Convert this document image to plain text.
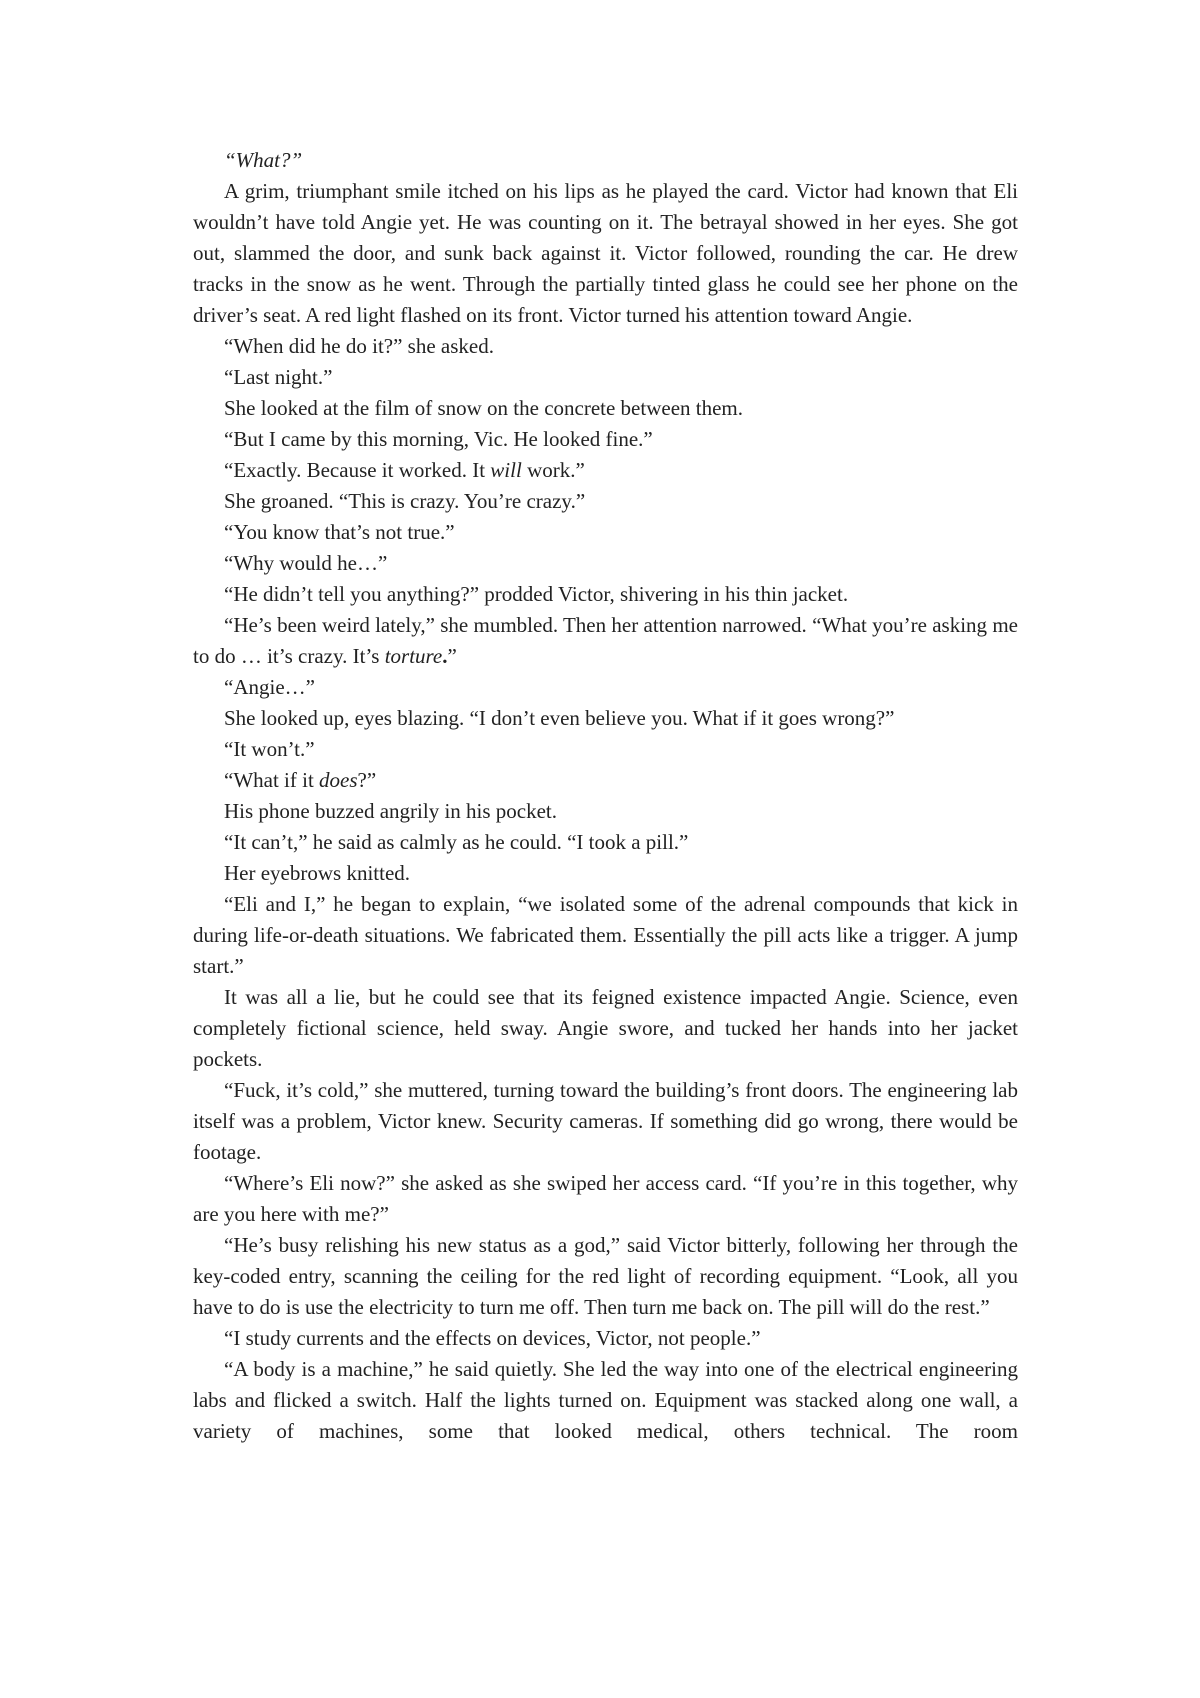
“What?”

A grim, triumphant smile itched on his lips as he played the card. Victor had known that Eli wouldn’t have told Angie yet. He was counting on it. The betrayal showed in her eyes. She got out, slammed the door, and sunk back against it. Victor followed, rounding the car. He drew tracks in the snow as he went. Through the partially tinted glass he could see her phone on the driver’s seat. A red light flashed on its front. Victor turned his attention toward Angie.

“When did he do it?” she asked.

“Last night.”

She looked at the film of snow on the concrete between them.

“But I came by this morning, Vic. He looked fine.”

“Exactly. Because it worked. It will work.”

She groaned. “This is crazy. You’re crazy.”

“You know that’s not true.”

“Why would he…”

“He didn’t tell you anything?” prodded Victor, shivering in his thin jacket.

“He’s been weird lately,” she mumbled. Then her attention narrowed. “What you’re asking me to do … it’s crazy. It’s torture.”

“Angie…”

She looked up, eyes blazing. “I don’t even believe you. What if it goes wrong?”

“It won’t.”

“What if it does?”

His phone buzzed angrily in his pocket.

“It can’t,” he said as calmly as he could. “I took a pill.”

Her eyebrows knitted.

“Eli and I,” he began to explain, “we isolated some of the adrenal compounds that kick in during life-or-death situations. We fabricated them. Essentially the pill acts like a trigger. A jump start.”

It was all a lie, but he could see that its feigned existence impacted Angie. Science, even completely fictional science, held sway. Angie swore, and tucked her hands into her jacket pockets.

“Fuck, it’s cold,” she muttered, turning toward the building’s front doors. The engineering lab itself was a problem, Victor knew. Security cameras. If something did go wrong, there would be footage.

“Where’s Eli now?” she asked as she swiped her access card. “If you’re in this together, why are you here with me?”

“He’s busy relishing his new status as a god,” said Victor bitterly, following her through the key-coded entry, scanning the ceiling for the red light of recording equipment. “Look, all you have to do is use the electricity to turn me off. Then turn me back on. The pill will do the rest.”

“I study currents and the effects on devices, Victor, not people.”

“A body is a machine,” he said quietly. She led the way into one of the electrical engineering labs and flicked a switch. Half the lights turned on. Equipment was stacked along one wall, a variety of machines, some that looked medical, others technical. The room
